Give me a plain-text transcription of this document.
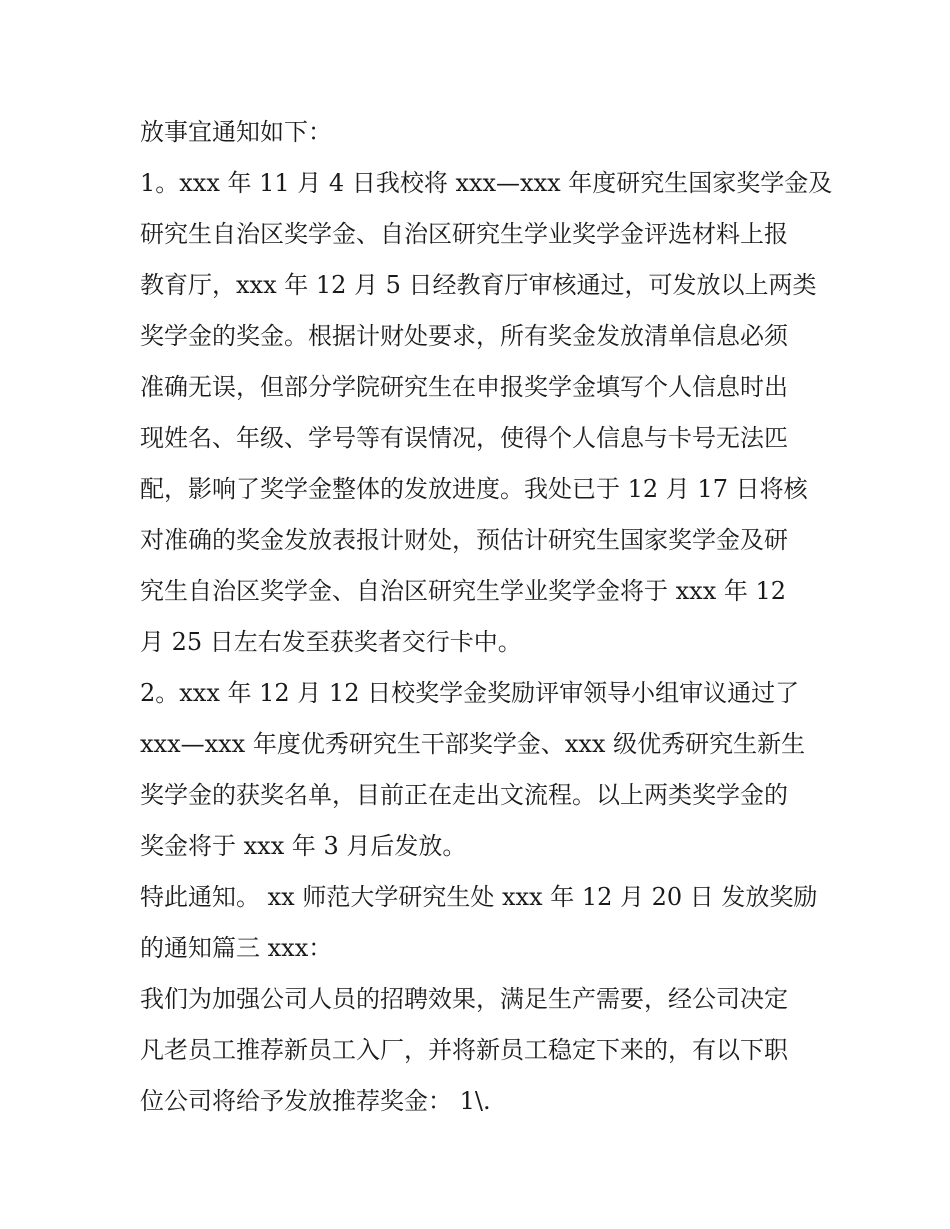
放事宜通知如下：
1。xxx 年 11 月 4 日我校将 xxx—xxx 年度研究生国家奖学金及
研究生自治区奖学金、自治区研究生学业奖学金评选材料上报
教育厅，xxx 年 12 月 5 日经教育厅审核通过，可发放以上两类
奖学金的奖金。根据计财处要求，所有奖金发放清单信息必须
准确无误，但部分学院研究生在申报奖学金填写个人信息时出
现姓名、年级、学号等有误情况，使得个人信息与卡号无法匹
配，影响了奖学金整体的发放进度。我处已于 12 月 17 日将核
对准确的奖金发放表报计财处，预估计研究生国家奖学金及研
究生自治区奖学金、自治区研究生学业奖学金将于 xxx 年 12
月 25 日左右发至获奖者交行卡中。
2。xxx 年 12 月 12 日校奖学金奖励评审领导小组审议通过了
xxx—xxx 年度优秀研究生干部奖学金、xxx 级优秀研究生新生
奖学金的获奖名单，目前正在走出文流程。以上两类奖学金的
奖金将于 xxx 年 3 月后发放。
特此通知。 xx 师范大学研究生处 xxx 年 12 月 20 日 发放奖励
的通知篇三 xxx：
我们为加强公司人员的招聘效果，满足生产需要，经公司决定
凡老员工推荐新员工入厂，并将新员工稳定下来的，有以下职
位公司将给予发放推荐奖金： 1\.
